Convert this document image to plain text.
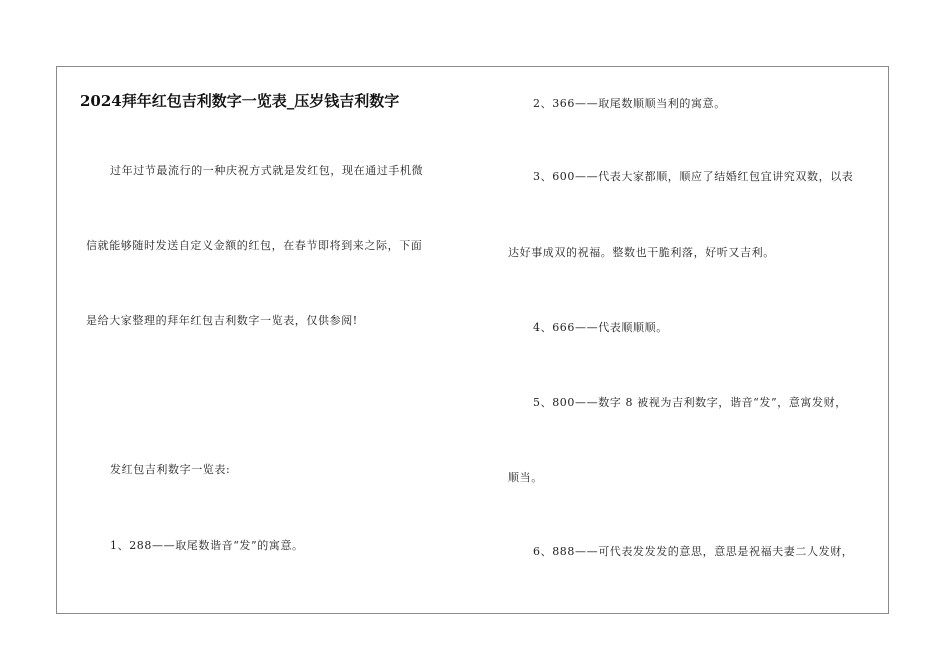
2024拜年红包吉利数字一览表_压岁钱吉利数字
过年过节最流行的一种庆祝方式就是发红包，现在通过手机微
信就能够随时发送自定义金额的红包，在春节即将到来之际，下面
是给大家整理的拜年红包吉利数字一览表，仅供参阅!
发红包吉利数字一览表:
1、288——取尾数谐音“发”的寓意。
2、366——取尾数顺顺当利的寓意。
3、600——代表大家都顺，顺应了结婚红包宜讲究双数，以表
达好事成双的祝福。整数也干脆利落，好听又吉利。
4、666——代表顺顺顺。
5、800——数字 8 被视为吉利数字，谐音“发”，意寓发财，
顺当。
6、888——可代表发发发的意思，意思是祝福夫妻二人发财，
